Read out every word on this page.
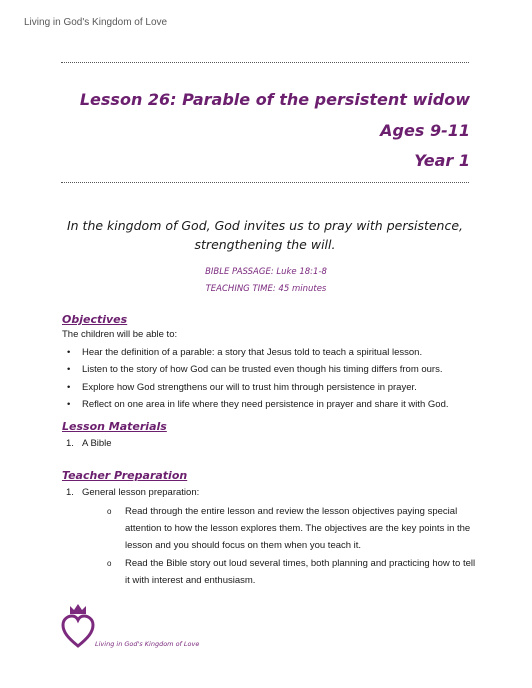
Living in God's Kingdom of Love
Lesson 26: Parable of the persistent widow
Ages 9-11
Year 1
In the kingdom of God, God invites us to pray with persistence, strengthening the will.
BIBLE PASSAGE: Luke 18:1-8
TEACHING TIME: 45 minutes
Objectives
The children will be able to:
• Hear the definition of a parable: a story that Jesus told to teach a spiritual lesson.
• Listen to the story of how God can be trusted even though his timing differs from ours.
• Explore how God strengthens our will to trust him through persistence in prayer.
• Reflect on one area in life where they need persistence in prayer and share it with God.
Lesson Materials
1. A Bible
Teacher Preparation
1. General lesson preparation:
o Read through the entire lesson and review the lesson objectives paying special attention to how the lesson explores them. The objectives are the key points in the lesson and you should focus on them when you teach it.
o Read the Bible story out loud several times, both planning and practicing how to tell it with interest and enthusiasm.
Living in God's Kingdom of Love
